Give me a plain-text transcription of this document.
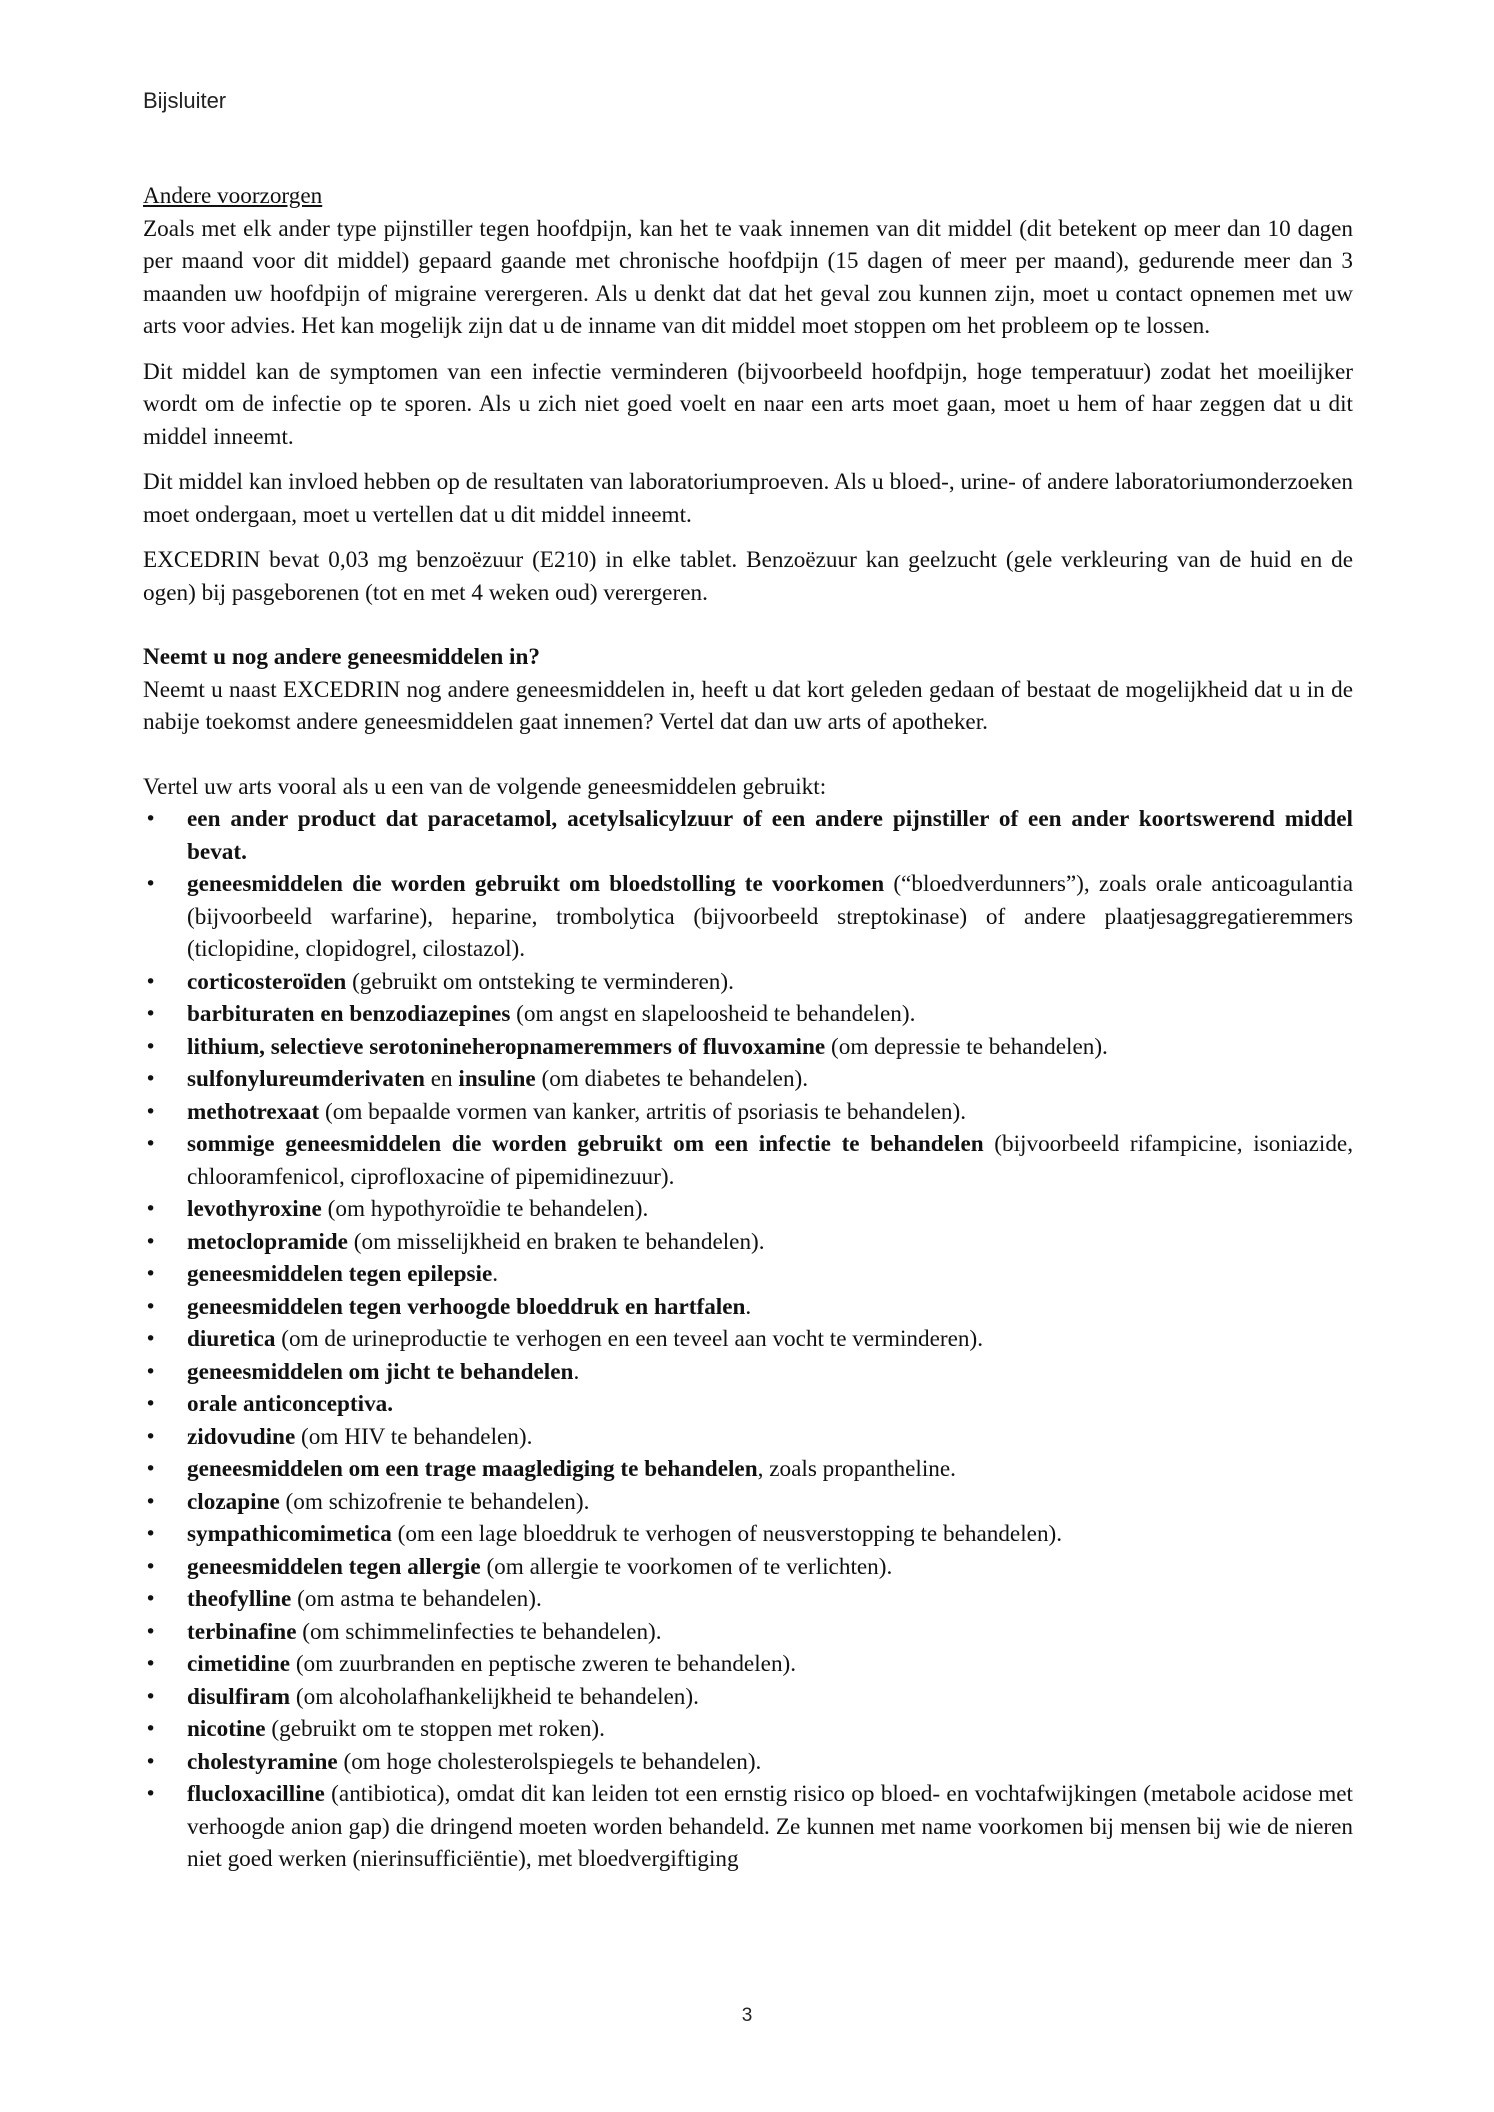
Bijsluiter

Andere voorzorgen

Zoals met elk ander type pijnstiller tegen hoofdpijn, kan het te vaak innemen van dit middel (dit betekent op meer dan 10 dagen per maand voor dit middel) gepaard gaande met chronische hoofdpijn (15 dagen of meer per maand), gedurende meer dan 3 maanden uw hoofdpijn of migraine verergeren. Als u denkt dat dat het geval zou kunnen zijn, moet u contact opnemen met uw arts voor advies. Het kan mogelijk zijn dat u de inname van dit middel moet stoppen om het probleem op te lossen.

Dit middel kan de symptomen van een infectie verminderen (bijvoorbeeld hoofdpijn, hoge temperatuur) zodat het moeilijker wordt om de infectie op te sporen. Als u zich niet goed voelt en naar een arts moet gaan, moet u hem of haar zeggen dat u dit middel inneemt.

Dit middel kan invloed hebben op de resultaten van laboratoriumproeven. Als u bloed-, urine- of andere laboratoriumonderzoeken moet ondergaan, moet u vertellen dat u dit middel inneemt.

EXCEDRIN bevat 0,03 mg benzoëzuur (E210) in elke tablet. Benzoëzuur kan geelzucht (gele verkleuring van de huid en de ogen) bij pasgeborenen (tot en met 4 weken oud) verergeren.

Neemt u nog andere geneesmiddelen in?

Neemt u naast EXCEDRIN nog andere geneesmiddelen in, heeft u dat kort geleden gedaan of bestaat de mogelijkheid dat u in de nabije toekomst andere geneesmiddelen gaat innemen? Vertel dat dan uw arts of apotheker.

Vertel uw arts vooral als u een van de volgende geneesmiddelen gebruikt:

• een ander product dat paracetamol, acetylsalicylzuur of een andere pijnstiller of een ander koortswerend middel bevat.
• geneesmiddelen die worden gebruikt om bloedstolling te voorkomen (“bloedverdunners”), zoals orale anticoagulantia (bijvoorbeeld warfarine), heparine, trombolytica (bijvoorbeeld streptokinase) of andere plaatjesaggregatieremmers (ticlopidine, clopidogrel, cilostazol).
• corticosteroïden (gebruikt om ontsteking te verminderen).
• barbituraten en benzodiazepines (om angst en slapeloosheid te behandelen).
• lithium, selectieve serotonineheropnameremmers of fluvoxamine (om depressie te behandelen).
• sulfonylureumderivaten en insuline (om diabetes te behandelen).
• methotrexaat (om bepaalde vormen van kanker, artritis of psoriasis te behandelen).
• sommige geneesmiddelen die worden gebruikt om een infectie te behandelen (bijvoorbeeld rifampicine, isoniazide, chlooramfenicol, ciprofloxacine of pipemidinezuur).
• levothyroxine (om hypothyroïdie te behandelen).
• metoclopramide (om misselijkheid en braken te behandelen).
• geneesmiddelen tegen epilepsie.
• geneesmiddelen tegen verhoogde bloeddruk en hartfalen.
• diuretica (om de urineproductie te verhogen en een teveel aan vocht te verminderen).
• geneesmiddelen om jicht te behandelen.
• orale anticonceptiva.
• zidovudine (om HIV te behandelen).
• geneesmiddelen om een trage maaglediging te behandelen, zoals propantheline.
• clozapine (om schizofrenie te behandelen).
• sympathicomimetica (om een lage bloeddruk te verhogen of neusverstopping te behandelen).
• geneesmiddelen tegen allergie (om allergie te voorkomen of te verlichten).
• theofylline (om astma te behandelen).
• terbinafine (om schimmelinfecties te behandelen).
• cimetidine (om zuurbranden en peptische zweren te behandelen).
• disulfiram (om alcoholafhankelijkheid te behandelen).
• nicotine (gebruikt om te stoppen met roken).
• cholestyramine (om hoge cholesterolspiegels te behandelen).
• flucloxacilline (antibiotica), omdat dit kan leiden tot een ernstig risico op bloed- en vochtafwijkingen (metabole acidose met verhoogde anion gap) die dringend moeten worden behandeld. Ze kunnen met name voorkomen bij mensen bij wie de nieren niet goed werken (nierinsufficiëntie), met bloedvergiftiging
3
